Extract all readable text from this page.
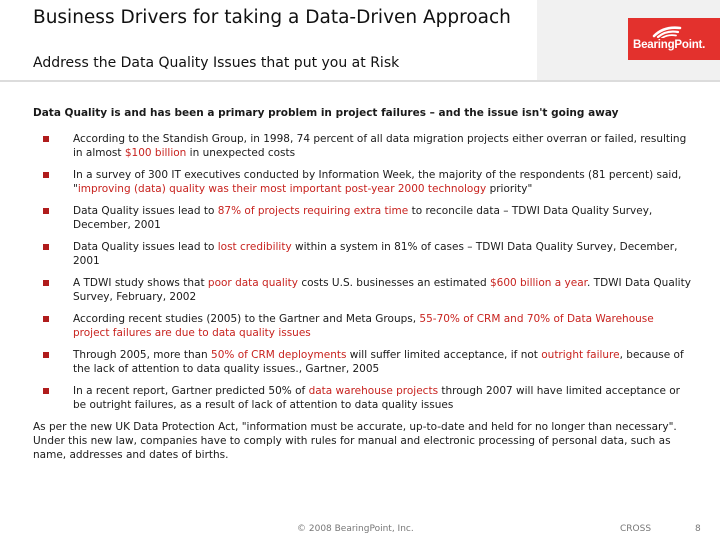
Business Drivers for taking a Data-Driven Approach
Address the Data Quality Issues that put you at Risk
BearingPoint.
Data Quality is and has been a primary problem in project failures – and the issue isn't going away
According to the Standish Group, in 1998, 74 percent of all data migration projects either overran or failed, resulting in almost $100 billion in unexpected costs
In a survey of 300 IT executives conducted by Information Week, the majority of the respondents (81 percent) said, "improving (data) quality was their most important post-year 2000 technology priority"
Data Quality issues lead to 87% of projects requiring extra time to reconcile data – TDWI Data Quality Survey, December, 2001
Data Quality issues lead to lost credibility within a system in 81% of cases – TDWI Data Quality Survey, December, 2001
A TDWI study shows that poor data quality costs U.S. businesses an estimated $600 billion a year. TDWI Data Quality Survey, February, 2002
According recent studies (2005) to the Gartner and Meta Groups, 55-70% of CRM and 70% of Data Warehouse project failures are due to data quality issues
Through 2005, more than 50% of CRM deployments will suffer limited acceptance, if not outright failure, because of the lack of attention to data quality issues., Gartner, 2005
In a recent report, Gartner predicted 50% of data warehouse projects through 2007 will have limited acceptance or be outright failures, as a result of lack of attention to data quality issues
As per the new UK Data Protection Act, "information must be accurate, up-to-date and held for no longer than necessary". Under this new law, companies have to comply with rules for manual and electronic processing of personal data, such as name, addresses and dates of births.
© 2008 BearingPoint, Inc.	CROSS	8
